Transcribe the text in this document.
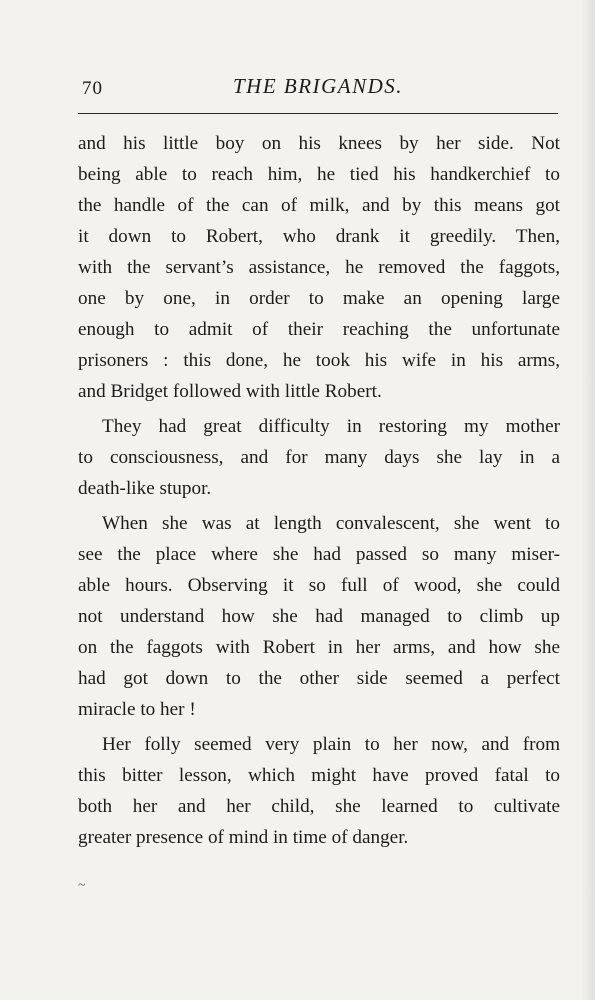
70	THE BRIGANDS.

and his little boy on his knees by her side. Not
being able to reach him, he tied his handkerchief to
the handle of the can of milk, and by this means got
it down to Robert, who drank it greedily. Then,
with the servant’s assistance, he removed the faggots,
one by one, in order to make an opening large
enough to admit of their reaching the unfortunate
prisoners : this done, he took his wife in his arms,
and Bridget followed with little Robert.

They had great difficulty in restoring my mother
to consciousness, and for many days she lay in a
death-like stupor.

When she was at length convalescent, she went to
see the place where she had passed so many miser-
able hours. Observing it so full of wood, she could
not understand how she had managed to climb up
on the faggots with Robert in her arms, and how she
had got down to the other side seemed a perfect
miracle to her !

Her folly seemed very plain to her now, and from
this bitter lesson, which might have proved fatal to
both her and her child, she learned to cultivate
greater presence of mind in time of danger.

~
